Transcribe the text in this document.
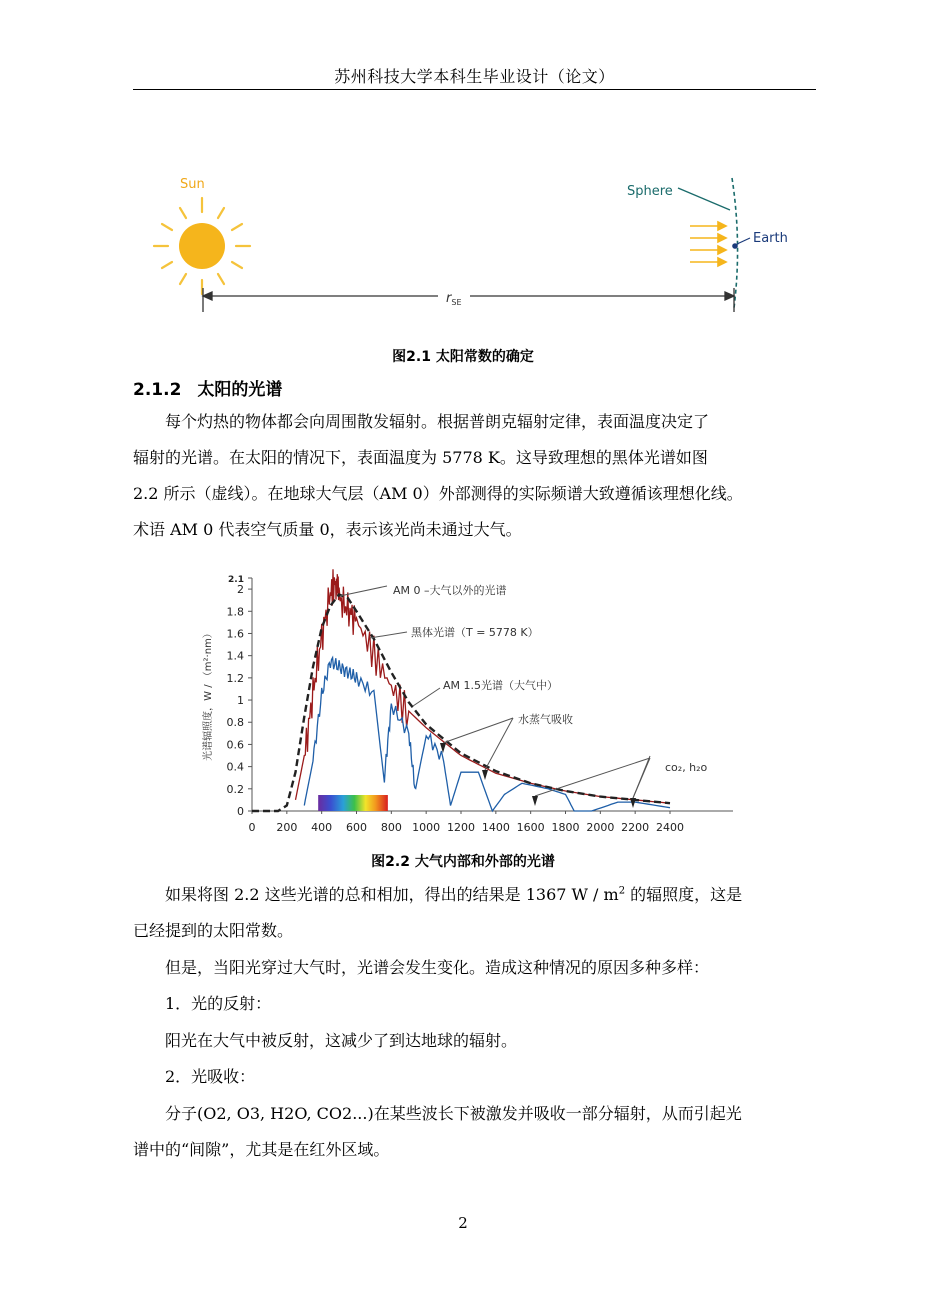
苏州科技大学本科生毕业设计（论文）
Sun	Sphere
Earth
$r_{SE}$
图2.1 太阳常数的确定
2.1.2 太阳的光谱
每个灼热的物体都会向周围散发辐射。根据普朗克辐射定律，表面温度决定了
辐射的光谱。在太阳的情况下，表面温度为 5778 K。这导致理想的黑体光谱如图
2.2 所示（虚线）。在地球大气层（AM 0）外部测得的实际频谱大致遵循该理想化线。
术语 AM 0 代表空气质量 0，表示该光尚未通过大气。
0
0.2
0.4
0.6
0.8
1
1.2
1.4
1.6
1.8
2
2.1
0 200 400 600 800 1000 1200 1400 1600 1800 2000 2200 2400
AM 0 –大气以外的光谱
黑体光谱（T = 5778 K）
AM 1.5光谱（大气中）
水蒸气吸收
co₂, h₂o
光谱辐照度，W / （m²·nm）
图2.2 大气内部和外部的光谱
如果将图 2.2 这些光谱的总和相加，得出的结果是 1367 W / $m^2$ 的辐照度，这是
已经提到的太阳常数。
但是，当阳光穿过大气时，光谱会发生变化。造成这种情况的原因多种多样：
1．光的反射：
阳光在大气中被反射，这减少了到达地球的辐射。
2．光吸收：
分子(O2, O3, H2O, CO2...)在某些波长下被激发并吸收一部分辐射，从而引起光
谱中的“间隙”，尤其是在红外区域。
2
